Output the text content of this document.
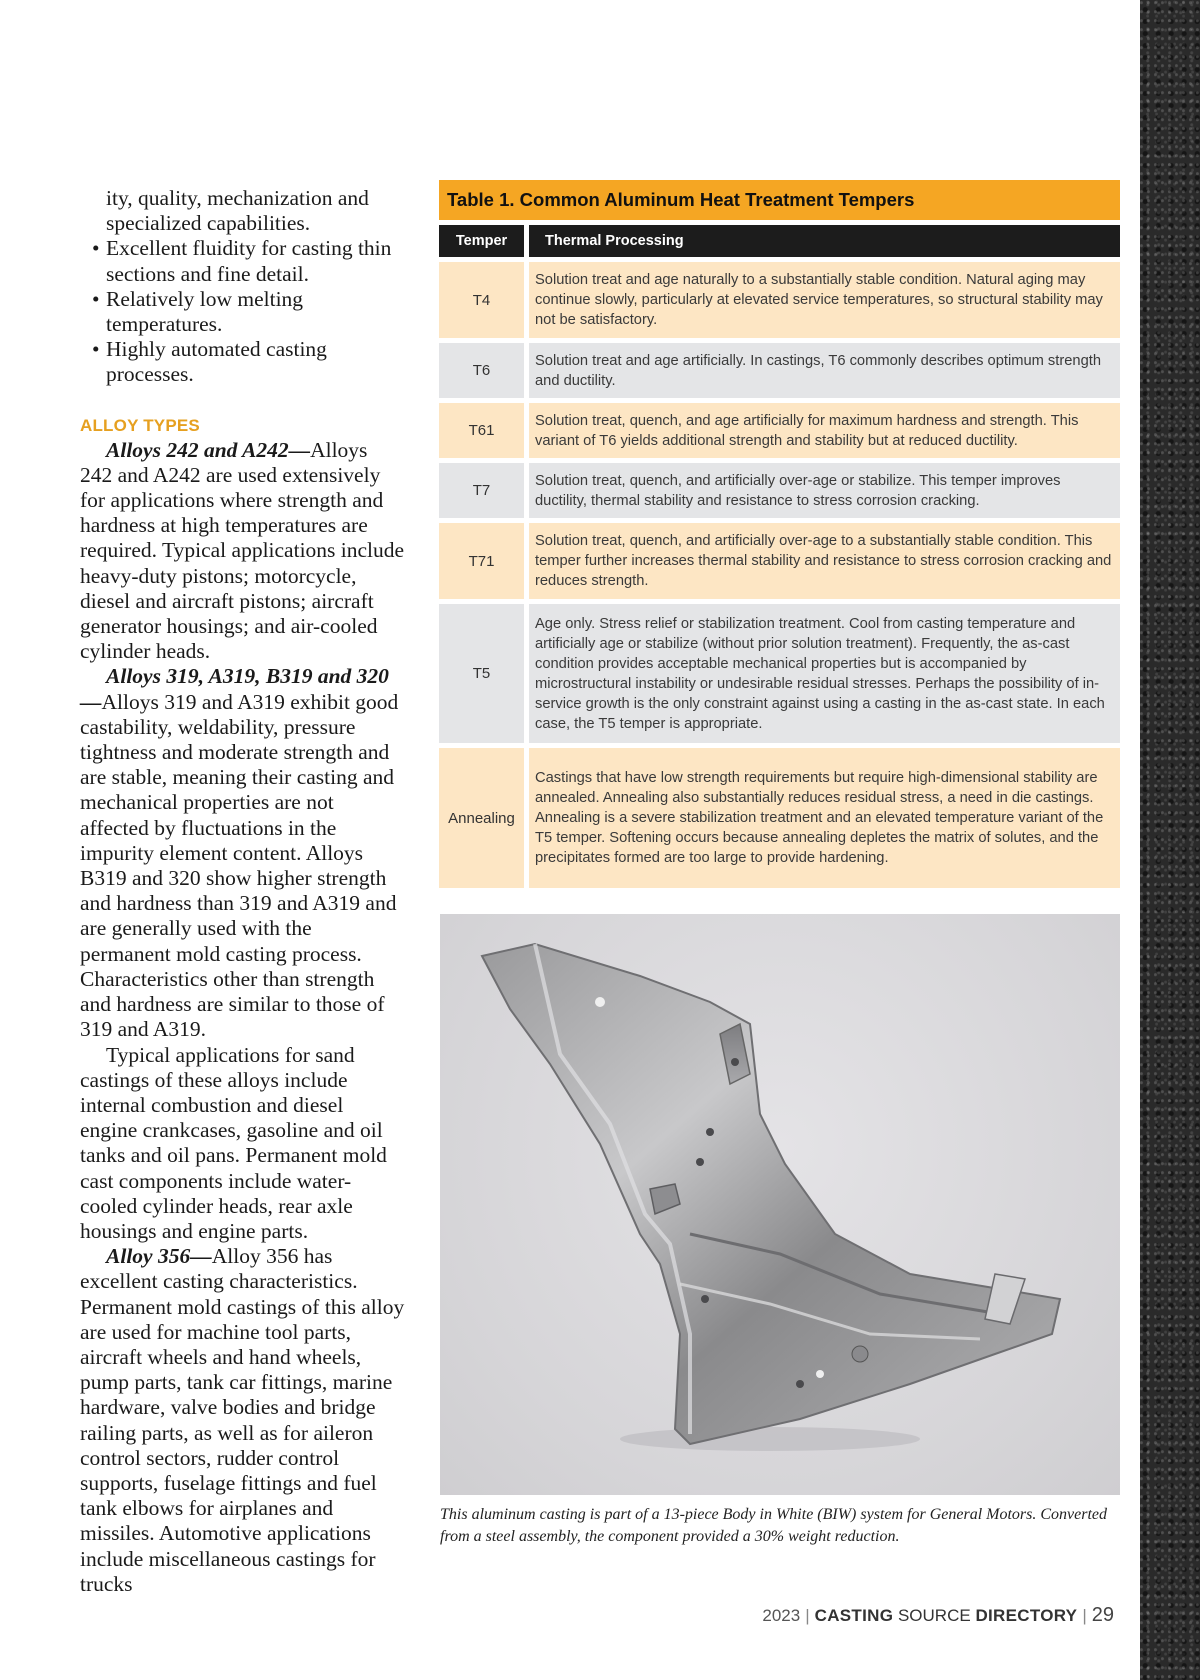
ity, quality, mechanization and specialized capabilities.

• Excellent fluidity for casting thin sections and fine detail.
• Relatively low melting temperatures.
• Highly automated casting processes.

ALLOY TYPES

Alloys 242 and A242—Alloys 242 and A242 are used extensively for applications where strength and hardness at high temperatures are required. Typical applications include heavy-duty pistons; motorcycle, diesel and aircraft pistons; aircraft generator housings; and air-cooled cylinder heads.

Alloys 319, A319, B319 and 320—Alloys 319 and A319 exhibit good castability, weldability, pressure tightness and moderate strength and are stable, meaning their casting and mechanical properties are not affected by fluctuations in the impurity element content. Alloys B319 and 320 show higher strength and hardness than 319 and A319 and are generally used with the permanent mold casting process. Characteristics other than strength and hardness are similar to those of 319 and A319.

Typical applications for sand castings of these alloys include internal combustion and diesel engine crankcases, gasoline and oil tanks and oil pans. Permanent mold cast components include water-cooled cylinder heads, rear axle housings and engine parts.

Alloy 356—Alloy 356 has excellent casting characteristics. Permanent mold castings of this alloy are used for machine tool parts, aircraft wheels and hand wheels, pump parts, tank car fittings, marine hardware, valve bodies and bridge railing parts, as well as for aileron control sectors, rudder control supports, fuselage fittings and fuel tank elbows for airplanes and missiles. Automotive applications include miscellaneous castings for trucks

Table 1. Common Aluminum Heat Treatment Tempers
Temper	Thermal Processing
T4
Solution treat and age naturally to a substantially stable condition. Natural aging may continue slowly, particularly at elevated service temperatures, so structural stability may not be satisfactory.
T6
Solution treat and age artificially. In castings, T6 commonly describes optimum strength and ductility.
T61
Solution treat, quench, and age artificially for maximum hardness and strength. This variant of T6 yields additional strength and stability but at reduced ductility.
T7
Solution treat, quench, and artificially over-age or stabilize. This temper improves ductility, thermal stability and resistance to stress corrosion cracking.
T71
Solution treat, quench, and artificially over-age to a substantially stable condition. This temper further increases thermal stability and resistance to stress corrosion cracking and reduces strength.
T5
Age only. Stress relief or stabilization treatment. Cool from casting temperature and artificially age or stabilize (without prior solution treatment). Frequently, the as-cast condition provides acceptable mechanical properties but is accompanied by microstructural instability or undesirable residual stresses. Perhaps the possibility of in-service growth is the only constraint against using a casting in the as-cast state. In each case, the T5 temper is appropriate.
Annealing
Castings that have low strength requirements but require high-dimensional stability are annealed. Annealing also substantially reduces residual stress, a need in die castings. Annealing is a severe stabilization treatment and an elevated temperature variant of the T5 temper. Softening occurs because annealing depletes the matrix of solutes, and the precipitates formed are too large to provide hardening.
This aluminum casting is part of a 13-piece Body in White (BIW) system for General Motors. Converted from a steel assembly, the component provided a 30% weight reduction.
2023 | CASTING SOURCE DIRECTORY | 29
